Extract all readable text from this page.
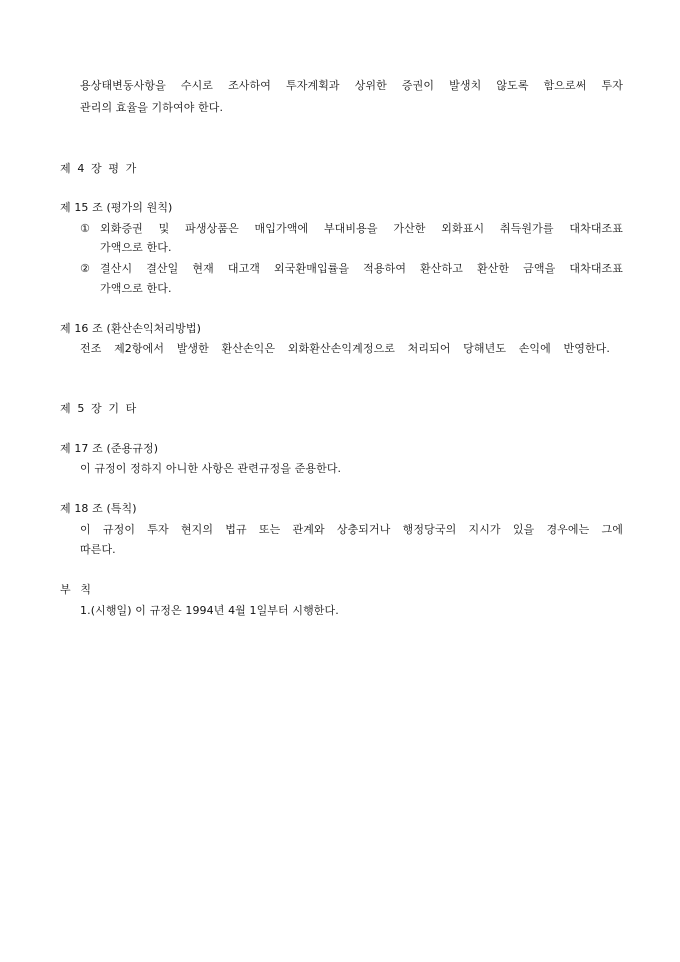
용상태변동사항을 수시로 조사하여 투자계획과 상위한 증권이 발생치 않도록 함으로써 투자
관리의 효율을 기하여야 한다.
제 4 장 평 가
제 15 조 (평가의 원칙)
① 외화증권 및 파생상품은 매입가액에 부대비용을 가산한 외화표시 취득원가를 대차대조표
가액으로 한다.
② 결산시 결산일 현재 대고객 외국환매입률을 적용하여 환산하고 환산한 금액을 대차대조표
가액으로 한다.
제 16 조 (환산손익처리방법)
전조 제2항에서 발생한 환산손익은 외화환산손익계정으로 처리되어 당해년도 손익에 반영한다.
제 5 장 기 타
제 17 조 (준용규정)
이 규정이 정하지 아니한 사항은 관련규정을 준용한다.
제 18 조 (특칙)
이 규정이 투자 현지의 법규 또는 관계와 상충되거나 행정당국의 지시가 있을 경우에는 그에
따른다.
부 칙
1.(시행일) 이 규정은 1994년 4월 1일부터 시행한다.
